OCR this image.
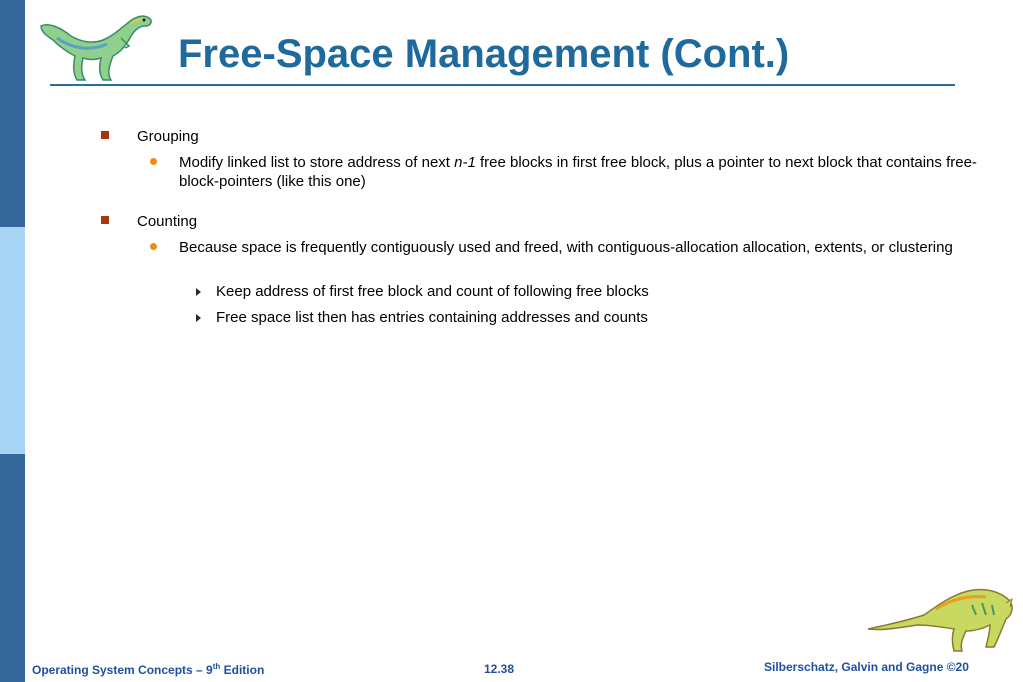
Free-Space Management (Cont.)
Grouping
Modify linked list to store address of next n-1 free blocks in first free block, plus a pointer to next block that contains free-block-pointers (like this one)
Counting
Because space is frequently contiguously used and freed, with contiguous-allocation allocation, extents, or clustering
Keep address of first free block and count of following free blocks
Free space list then has entries containing addresses and counts
Operating System Concepts – 9th Edition	12.38	Silberschatz, Galvin and Gagne ©20
